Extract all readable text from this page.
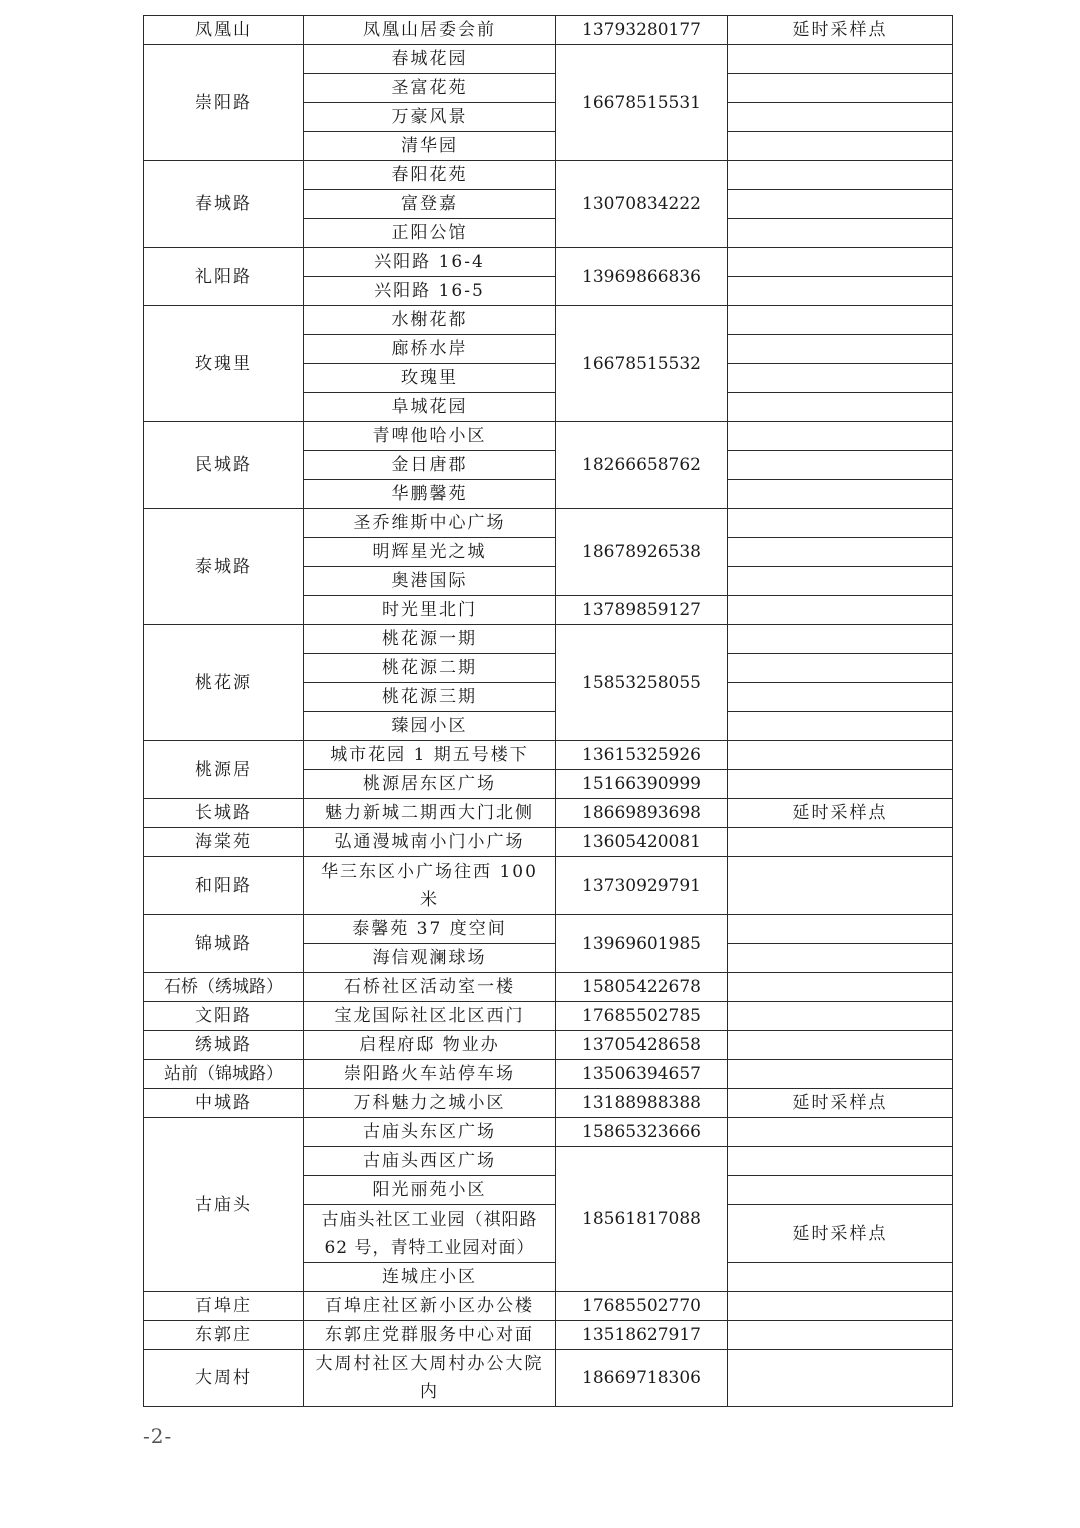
凤凰山	凤凰山居委会前	13793280177	延时采样点
崇阳路	春城花园	16678515531	
	圣富花苑		
	万豪风景		
	清华园		
春城路	春阳花苑	13070834222	
	富登嘉		
	正阳公馆		
礼阳路	兴阳路 16-4	13969866836	
	兴阳路 16-5		
玫瑰里	水榭花都	16678515532	
	廊桥水岸		
	玫瑰里		
	阜城花园		
民城路	青啤他哈小区	18266658762	
	金日唐郡		
	华鹏馨苑		
泰城路	圣乔维斯中心广场	18678926538	
	明辉星光之城		
	奥港国际		
	时光里北门	13789859127	
桃花源	桃花源一期	15853258055	
	桃花源二期		
	桃花源三期		
	臻园小区		
桃源居	城市花园 1 期五号楼下	13615325926	
	桃源居东区广场	15166390999	
长城路	魅力新城二期西大门北侧	18669893698	延时采样点
海棠苑	弘通漫城南小门小广场	13605420081	
和阳路	华三东区小广场往西 100 米	13730929791	
锦城路	泰馨苑 37 度空间	13969601985	
	海信观澜球场		
石桥（绣城路）	石桥社区活动室一楼	15805422678	
文阳路	宝龙国际社区北区西门	17685502785	
绣城路	启程府邸 物业办	13705428658	
站前（锦城路）	崇阳路火车站停车场	13506394657	
中城路	万科魅力之城小区	13188988388	延时采样点
古庙头	古庙头东区广场	15865323666	
	古庙头西区广场	18561817088	
	阳光丽苑小区		
	古庙头社区工业园（祺阳路 62 号，青特工业园对面）		延时采样点
	连城庄小区		
百埠庄	百埠庄社区新小区办公楼	17685502770	
东郭庄	东郭庄党群服务中心对面	13518627917	
大周村	大周村社区大周村办公大院内	18669718306	
-2-
